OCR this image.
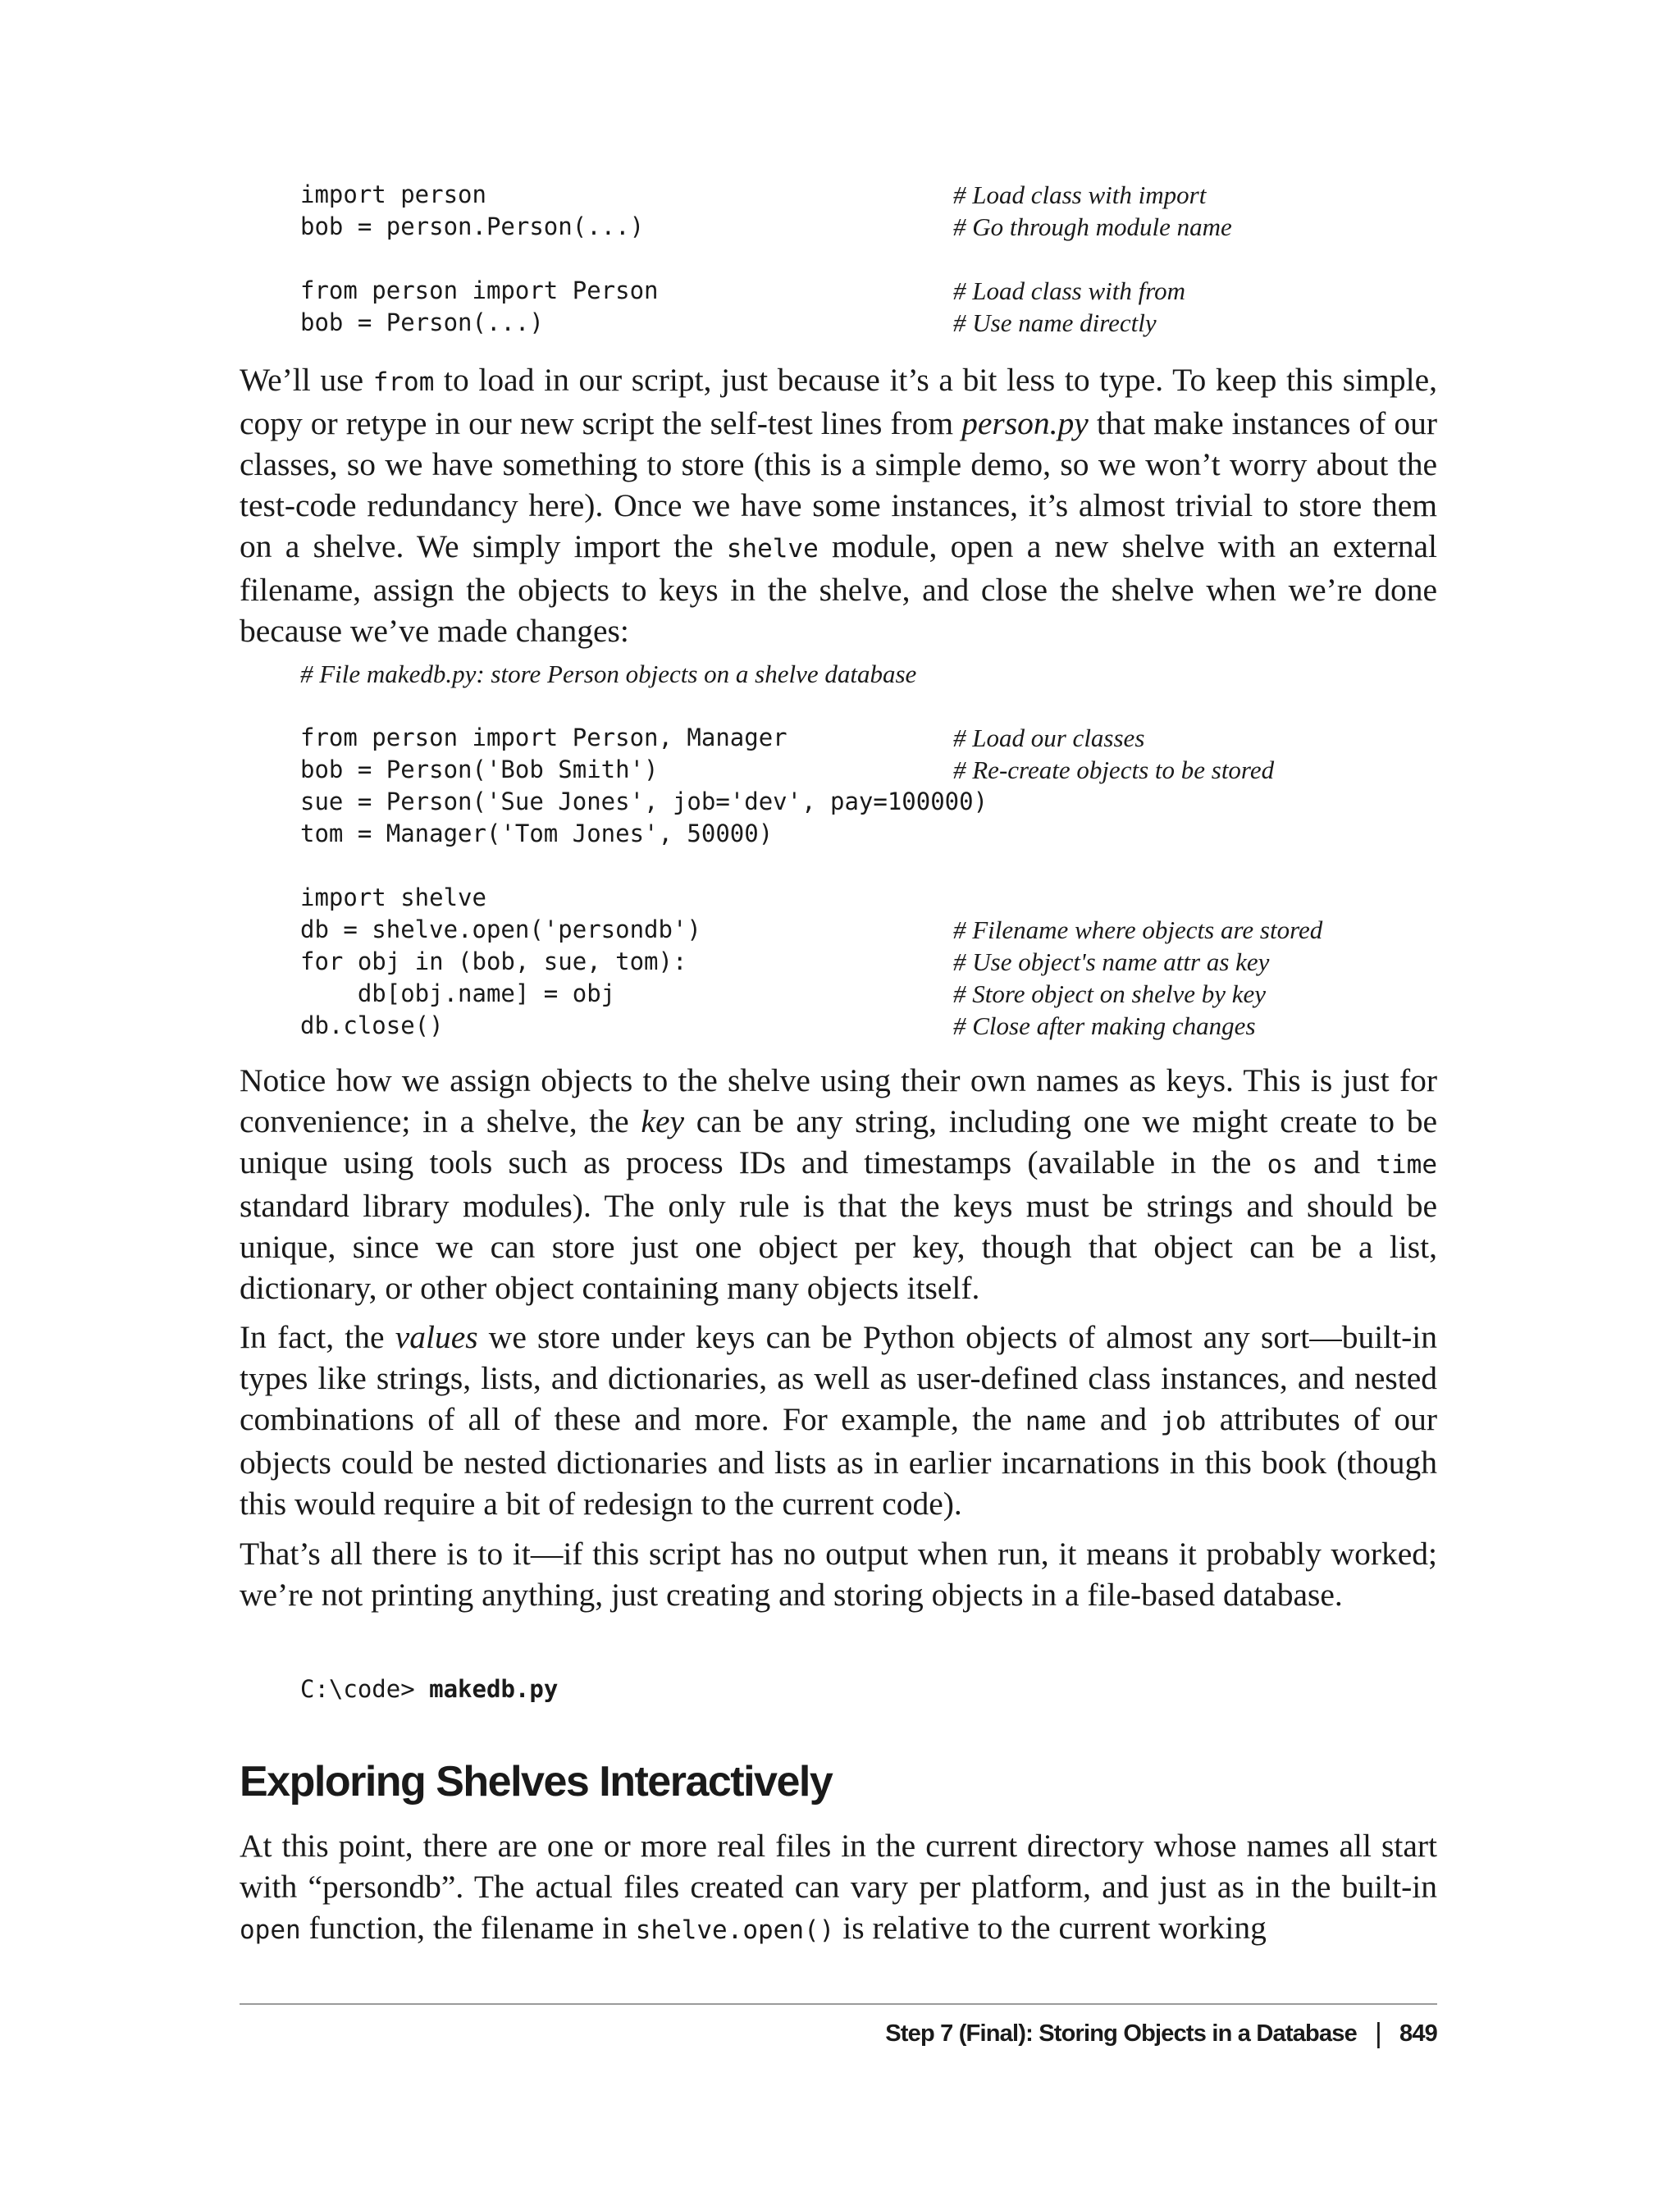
import person	# Load class with import
bob = person.Person(...)	# Go through module name
from person import Person	# Load class with from
bob = Person(...)	# Use name directly

We’ll use from to load in our script, just because it’s a bit less to type. To keep this simple, copy or retype in our new script the self-test lines from person.py that make instances of our classes, so we have something to store (this is a simple demo, so we won’t worry about the test-code redundancy here). Once we have some instances, it’s almost trivial to store them on a shelve. We simply import the shelve module, open a new shelve with an external filename, assign the objects to keys in the shelve, and close the shelve when we’re done because we’ve made changes:

# File makedb.py: store Person objects on a shelve database
from person import Person, Manager	# Load our classes
bob = Person('Bob Smith')	# Re-create objects to be stored
sue = Person('Sue Jones', job='dev', pay=100000)
tom = Manager('Tom Jones', 50000)
import shelve
db = shelve.open('persondb')	# Filename where objects are stored
for obj in (bob, sue, tom):	# Use object's name attr as key
db[obj.name] = obj	# Store object on shelve by key
db.close()	# Close after making changes

Notice how we assign objects to the shelve using their own names as keys. This is just for convenience; in a shelve, the key can be any string, including one we might create to be unique using tools such as process IDs and timestamps (available in the os and time standard library modules). The only rule is that the keys must be strings and should be unique, since we can store just one object per key, though that object can be a list, dictionary, or other object containing many objects itself.

In fact, the values we store under keys can be Python objects of almost any sort—built-in types like strings, lists, and dictionaries, as well as user-defined class instances, and nested combinations of all of these and more. For example, the name and job attributes of our objects could be nested dictionaries and lists as in earlier incarnations in this book (though this would require a bit of redesign to the current code).

That’s all there is to it—if this script has no output when run, it means it probably worked; we’re not printing anything, just creating and storing objects in a file-based database.

C:\code> makedb.py
Exploring Shelves Interactively

At this point, there are one or more real files in the current directory whose names all start with “persondb”. The actual files created can vary per platform, and just as in the built-in open function, the filename in shelve.open() is relative to the current working

Step 7 (Final): Storing Objects in a Database | 849
